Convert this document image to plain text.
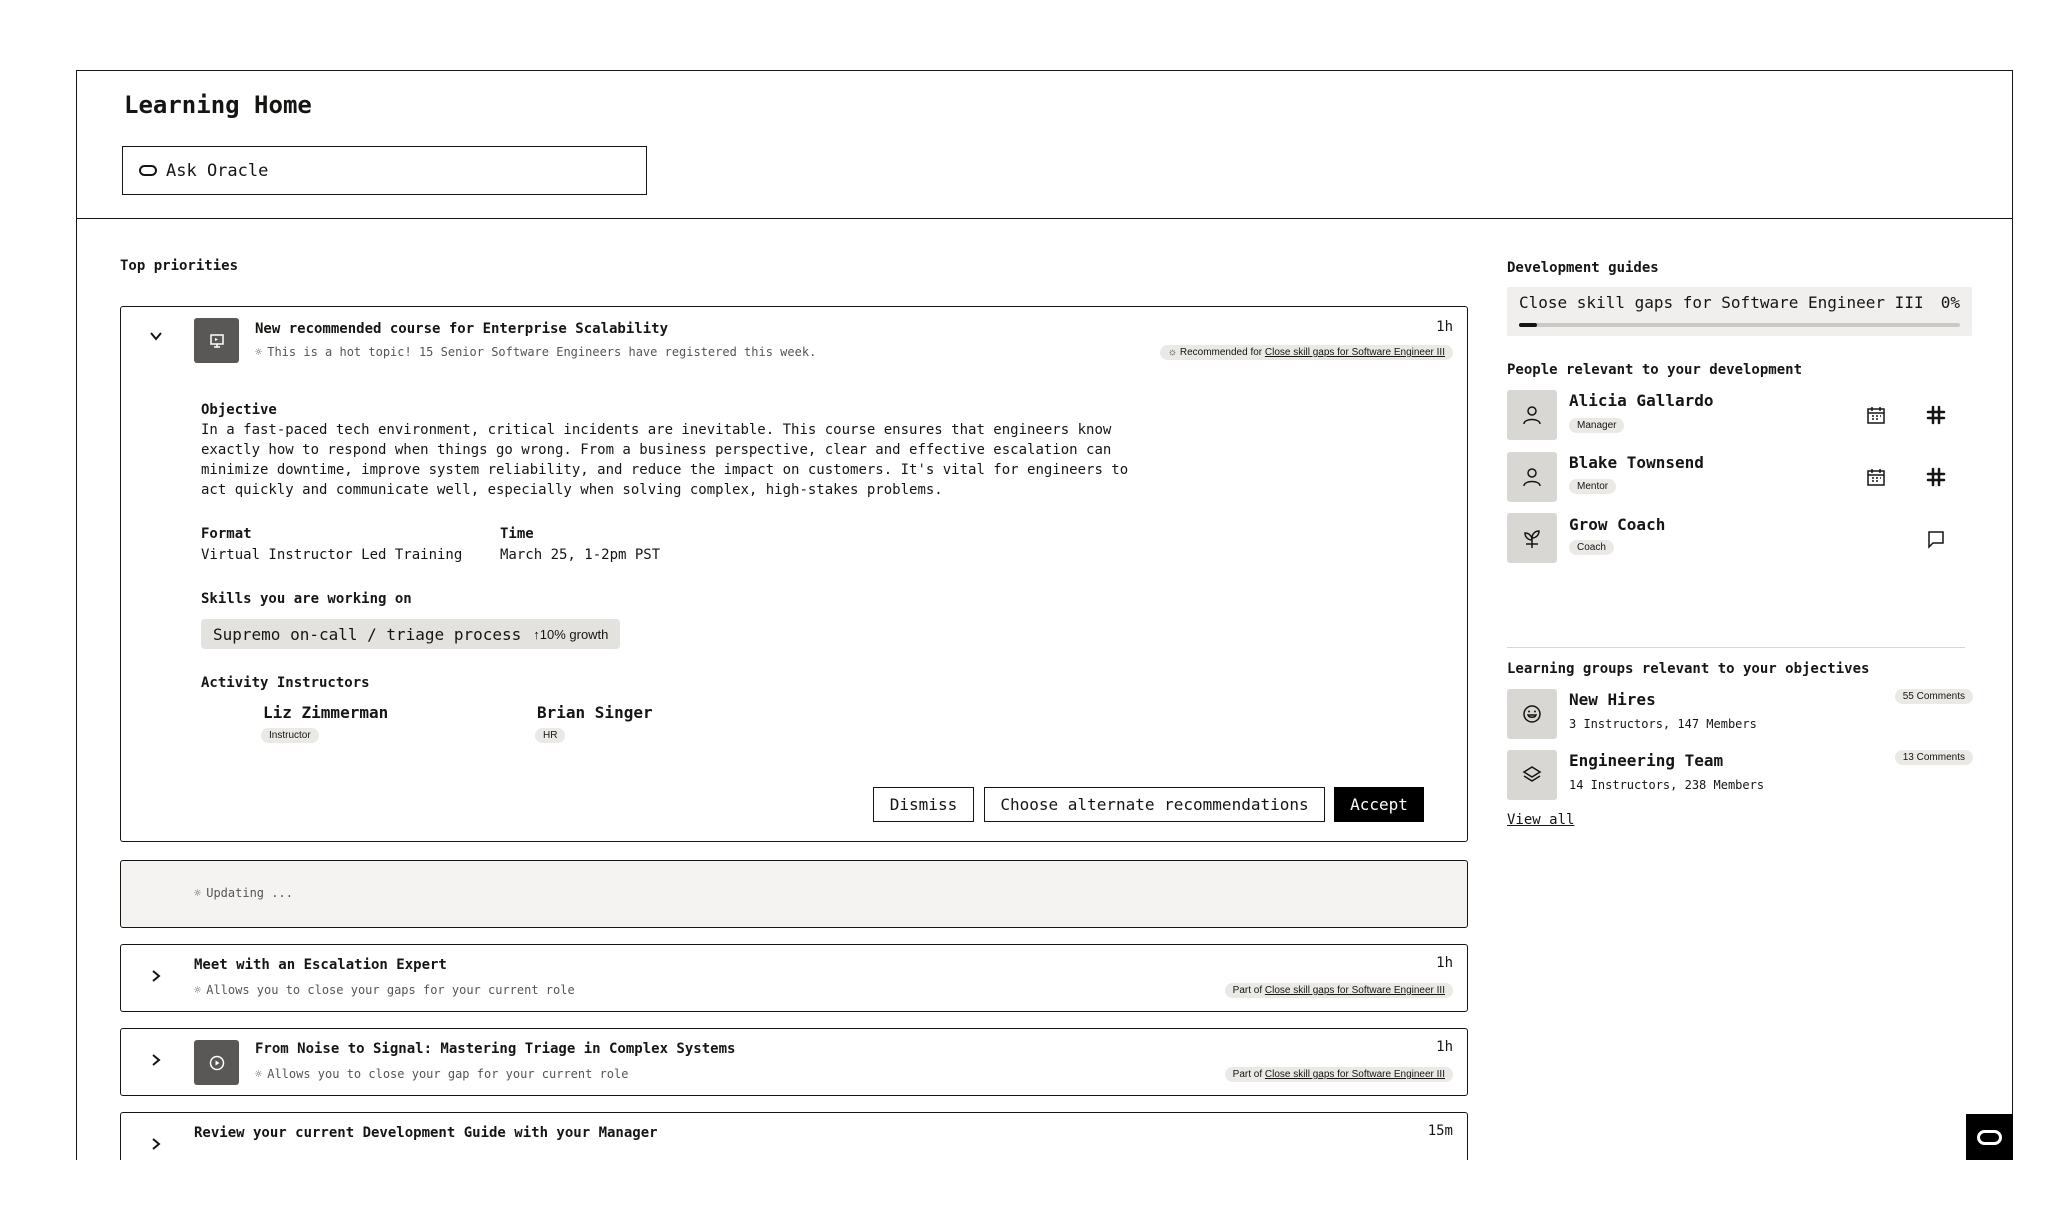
Learning Home
Ask Oracle
Top priorities
New recommended course for Enterprise Scalability	1h
☼ This is a hot topic! 15 Senior Software Engineers have registered this week.	☼ Recommended for Close skill gaps for Software Engineer III
Objective
In a fast-paced tech environment, critical incidents are inevitable. This course ensures that engineers know
exactly how to respond when things go wrong. From a business perspective, clear and effective escalation can
minimize downtime, improve system reliability, and reduce the impact on customers. It's vital for engineers to
act quickly and communicate well, especially when solving complex, high-stakes problems.
Format
Virtual Instructor Led Training
Time
March 25, 1-2pm PST
Skills you are working on
Supremo on-call / triage process ↑10% growth
Activity Instructors
Liz Zimmerman
Instructor
Brian Singer
HR
Dismiss	Choose alternate recommendations	Accept
☼ Updating ...
Meet with an Escalation Expert	1h
☼ Allows you to close your gaps for your current role	Part of Close skill gaps for Software Engineer III
From Noise to Signal: Mastering Triage in Complex Systems	1h
☼ Allows you to close your gap for your current role	Part of Close skill gaps for Software Engineer III
Review your current Development Guide with your Manager	15m
Development guides
Close skill gaps for Software Engineer III 0%
People relevant to your development
Alicia Gallardo
Manager
Blake Townsend
Mentor
Grow Coach
Coach
Learning groups relevant to your objectives
New Hires
3 Instructors, 147 Members
55 Comments
Engineering Team
14 Instructors, 238 Members
13 Comments
View all
